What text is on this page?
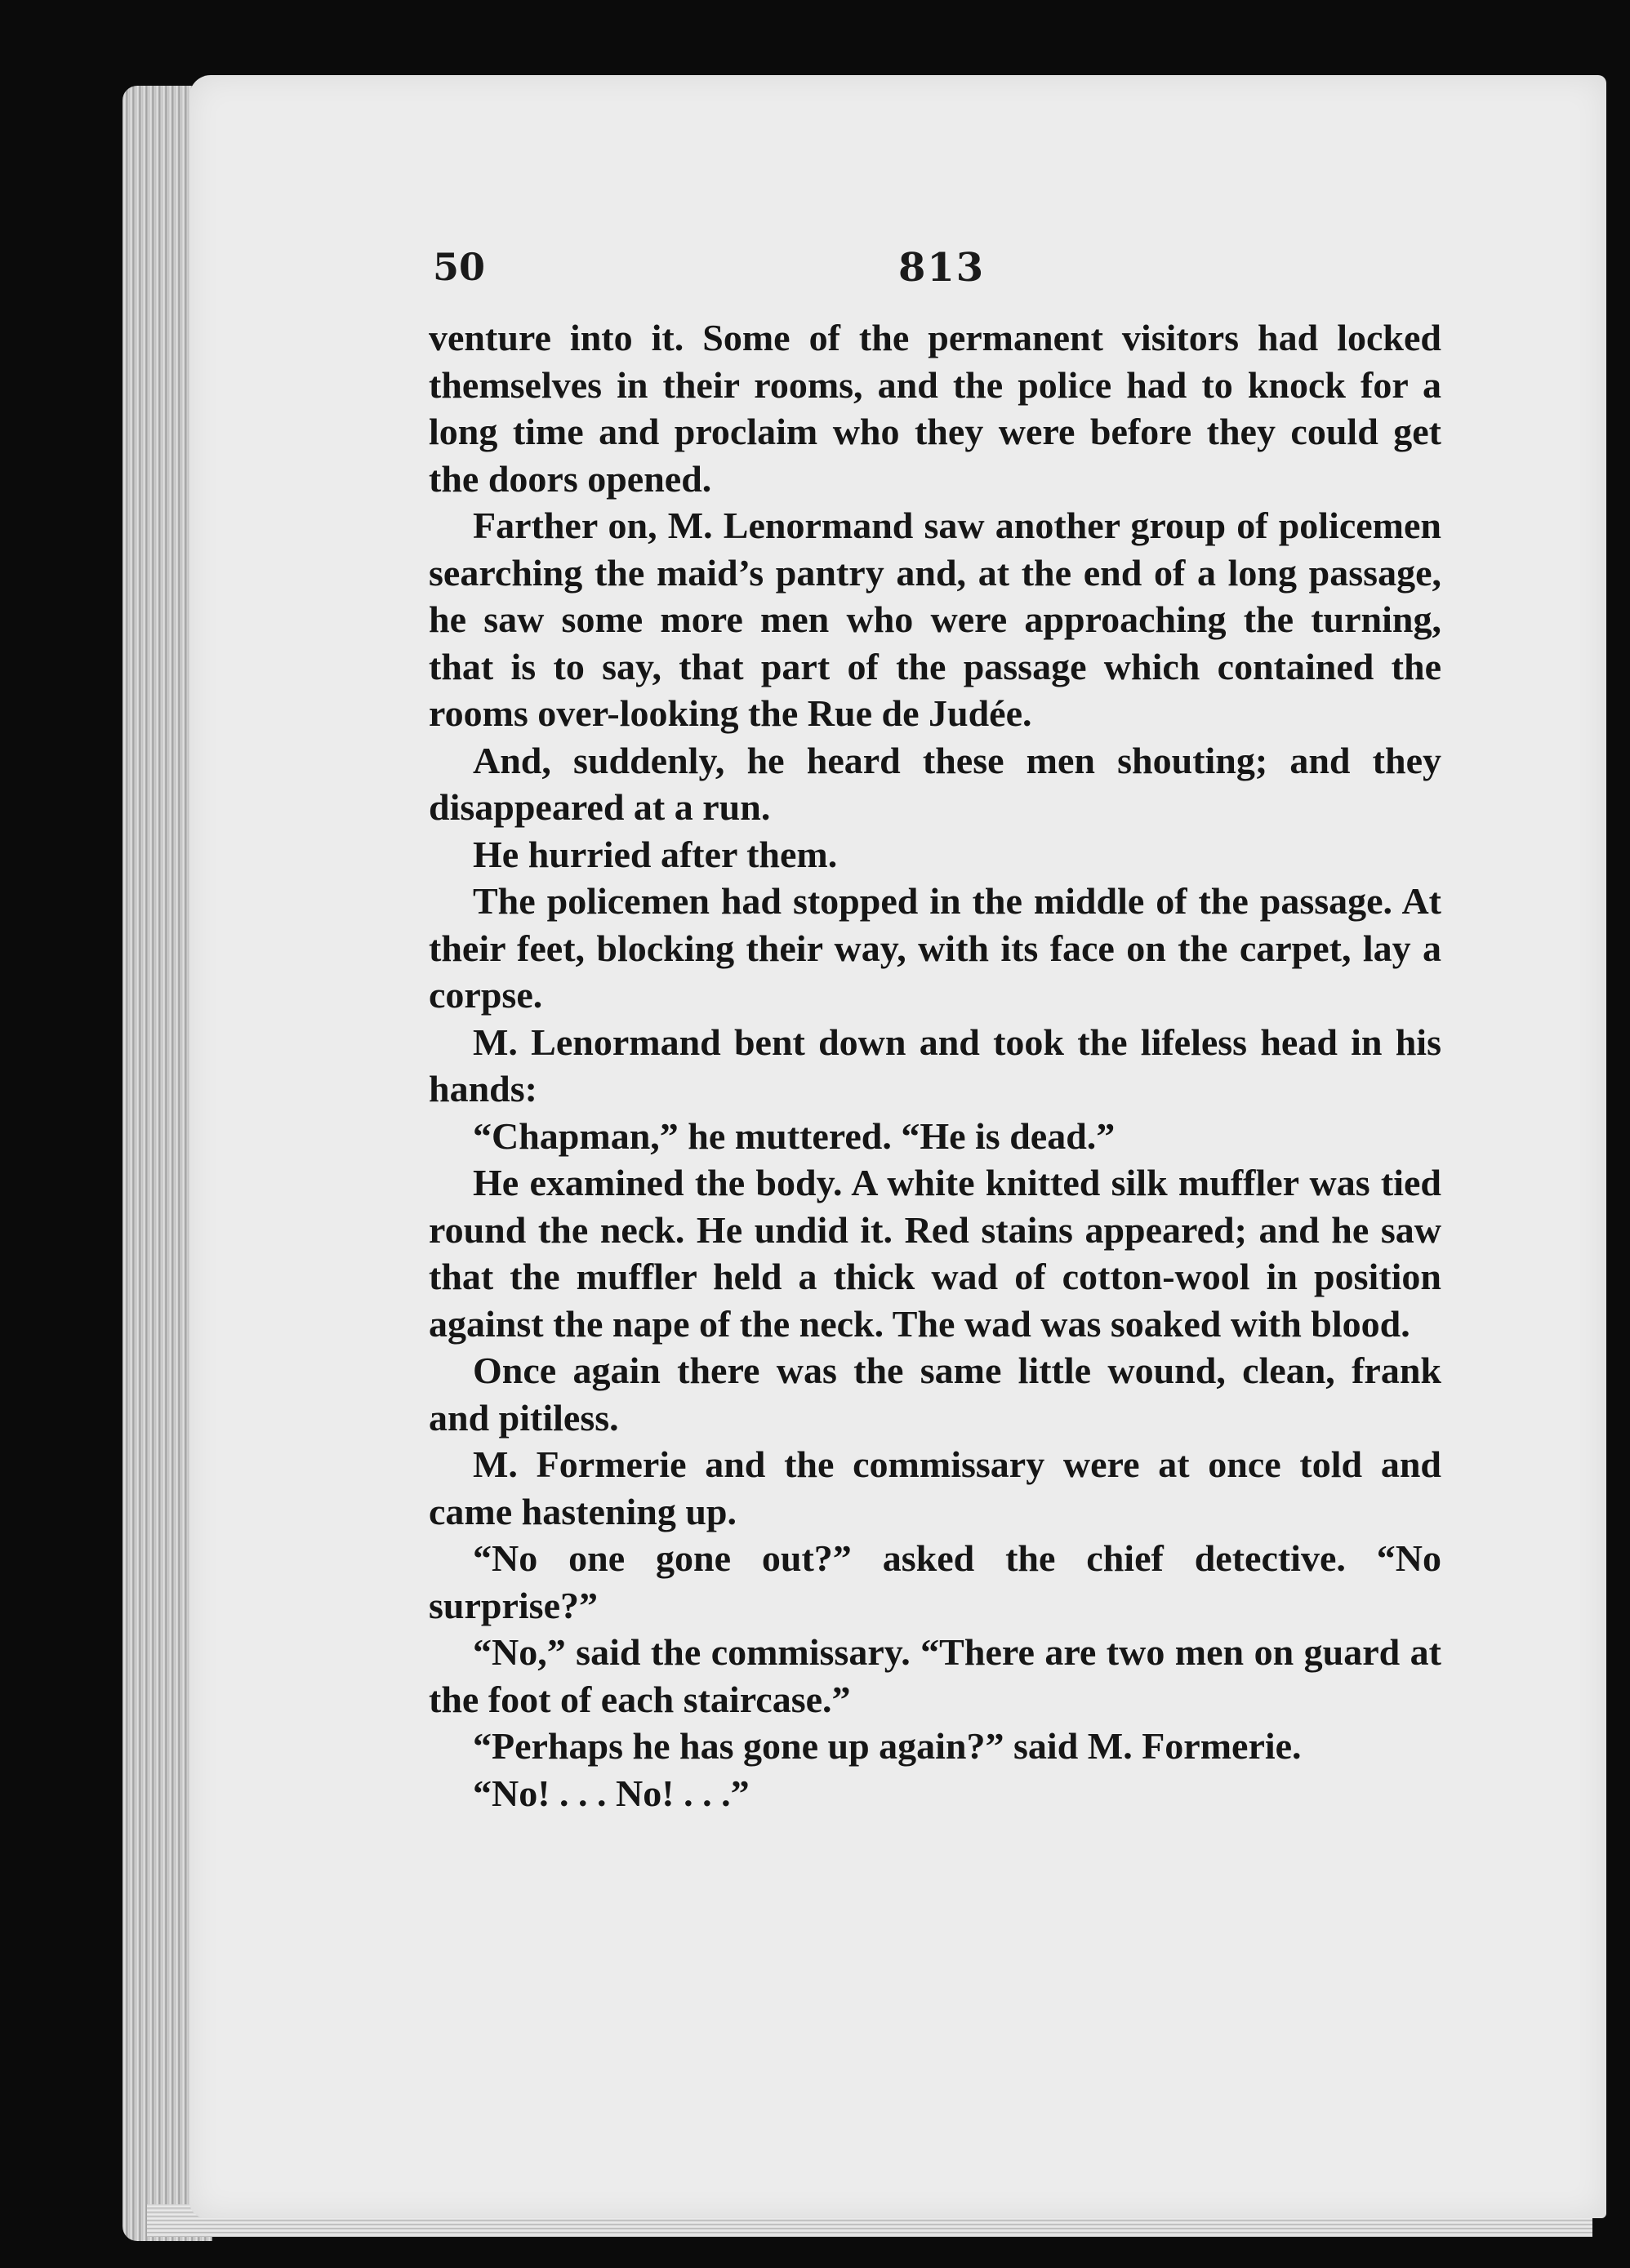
50	813

venture into it. Some of the permanent visitors had locked themselves in their rooms, and the police had to knock for a long time and proclaim who they were before they could get the doors opened.

Farther on, M. Lenormand saw another group of policemen searching the maid’s pantry and, at the end of a long passage, he saw some more men who were approaching the turning, that is to say, that part of the passage which contained the rooms over-looking the Rue de Judée.

And, suddenly, he heard these men shouting; and they disappeared at a run.

He hurried after them.

The policemen had stopped in the middle of the passage. At their feet, blocking their way, with its face on the carpet, lay a corpse.

M. Lenormand bent down and took the lifeless head in his hands:

“Chapman,” he muttered. “He is dead.”

He examined the body. A white knitted silk muffler was tied round the neck. He undid it. Red stains appeared; and he saw that the muffler held a thick wad of cotton-wool in position against the nape of the neck. The wad was soaked with blood.

Once again there was the same little wound, clean, frank and pitiless.

M. Formerie and the commissary were at once told and came hastening up.

“No one gone out?” asked the chief detective. “No surprise?”

“No,” said the commissary. “There are two men on guard at the foot of each staircase.”

“Perhaps he has gone up again?” said M. Formerie.

“No! . . . No! . . .”
